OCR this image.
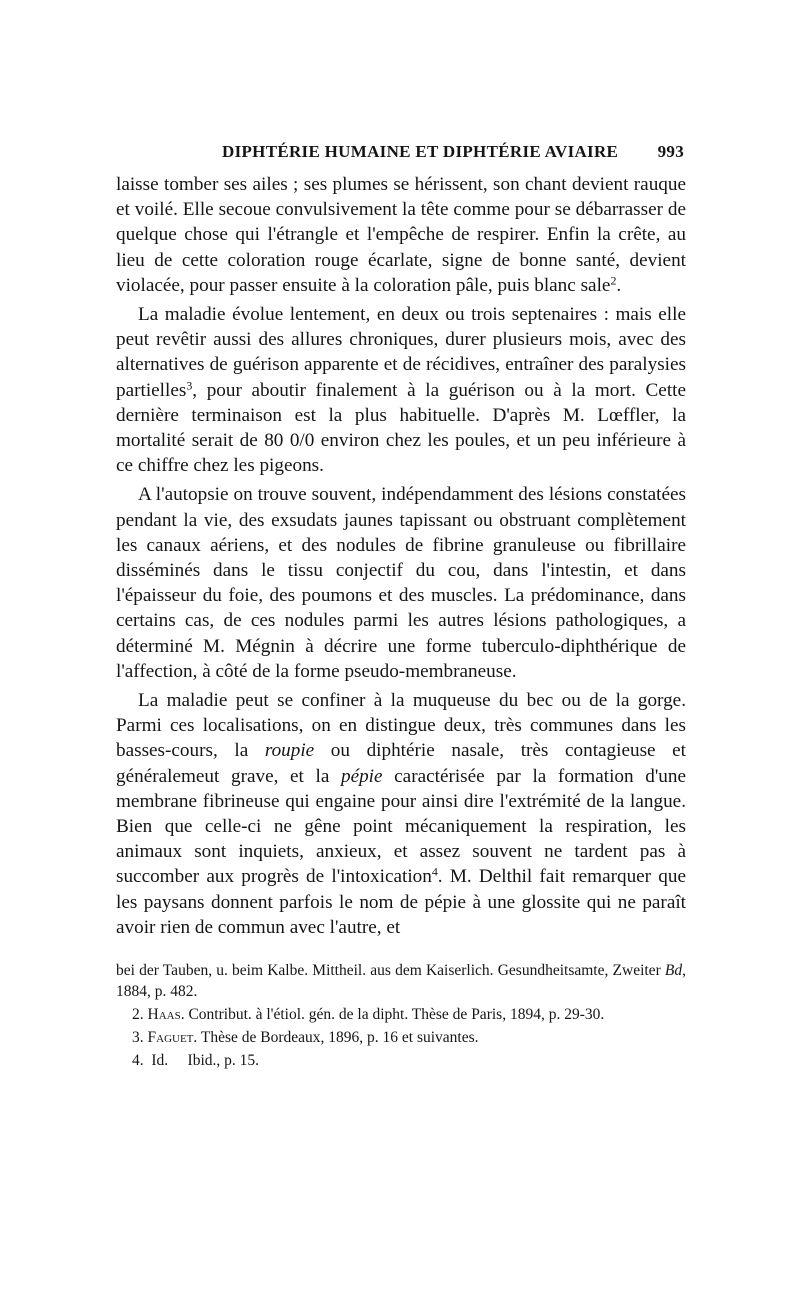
DIPHTÉRIE HUMAINE ET DIPHTÉRIE AVIAIRE 993

laisse tomber ses ailes ; ses plumes se hérissent, son chant devient rauque et voilé. Elle secoue convulsivement la tête comme pour se débarrasser de quelque chose qui l'étrangle et l'empêche de respirer. Enfin la crête, au lieu de cette coloration rouge écarlate, signe de bonne santé, devient violacée, pour passer ensuite à la coloration pâle, puis blanc sale$^2$.

La maladie évolue lentement, en deux ou trois septenaires : mais elle peut revêtir aussi des allures chroniques, durer plusieurs mois, avec des alternatives de guérison apparente et de récidives, entraîner des paralysies partielles$^3$, pour aboutir finalement à la guérison ou à la mort. Cette dernière terminaison est la plus habituelle. D'après M. Lœffler, la mortalité serait de 80 0/0 environ chez les poules, et un peu inférieure à ce chiffre chez les pigeons.

A l'autopsie on trouve souvent, indépendamment des lésions constatées pendant la vie, des exsudats jaunes tapissant ou obstruant complètement les canaux aériens, et des nodules de fibrine granuleuse ou fibrillaire disséminés dans le tissu conjectif du cou, dans l'intestin, et dans l'épaisseur du foie, des poumons et des muscles. La prédominance, dans certains cas, de ces nodules parmi les autres lésions pathologiques, a déterminé M. Mégnin à décrire une forme tuberculo-diphthérique de l'affection, à côté de la forme pseudo-membraneuse.

La maladie peut se confiner à la muqueuse du bec ou de la gorge. Parmi ces localisations, on en distingue deux, très communes dans les basses-cours, la roupie ou diphtérie nasale, très contagieuse et généralemeut grave, et la pépie caractérisée par la formation d'une membrane fibrineuse qui engaine pour ainsi dire l'extrémité de la langue. Bien que celle-ci ne gêne point mécaniquement la respiration, les animaux sont inquiets, anxieux, et assez souvent ne tardent pas à succomber aux progrès de l'intoxication$^4$. M. Delthil fait remarquer que les paysans donnent parfois le nom de pépie à une glossite qui ne paraît avoir rien de commun avec l'autre, et

bei der Tauben, u. beim Kalbe. Mittheil. aus dem Kaiserlich. Gesundheitsamte, Zweiter Bd, 1884, p. 482.

2. Haas. Contribut. à l'étiol. gén. de la dipht. Thèse de Paris, 1894, p. 29-30.

3. Faguet. Thèse de Bordeaux, 1896, p. 16 et suivantes.

4. Id.     Ibid., p. 15.
